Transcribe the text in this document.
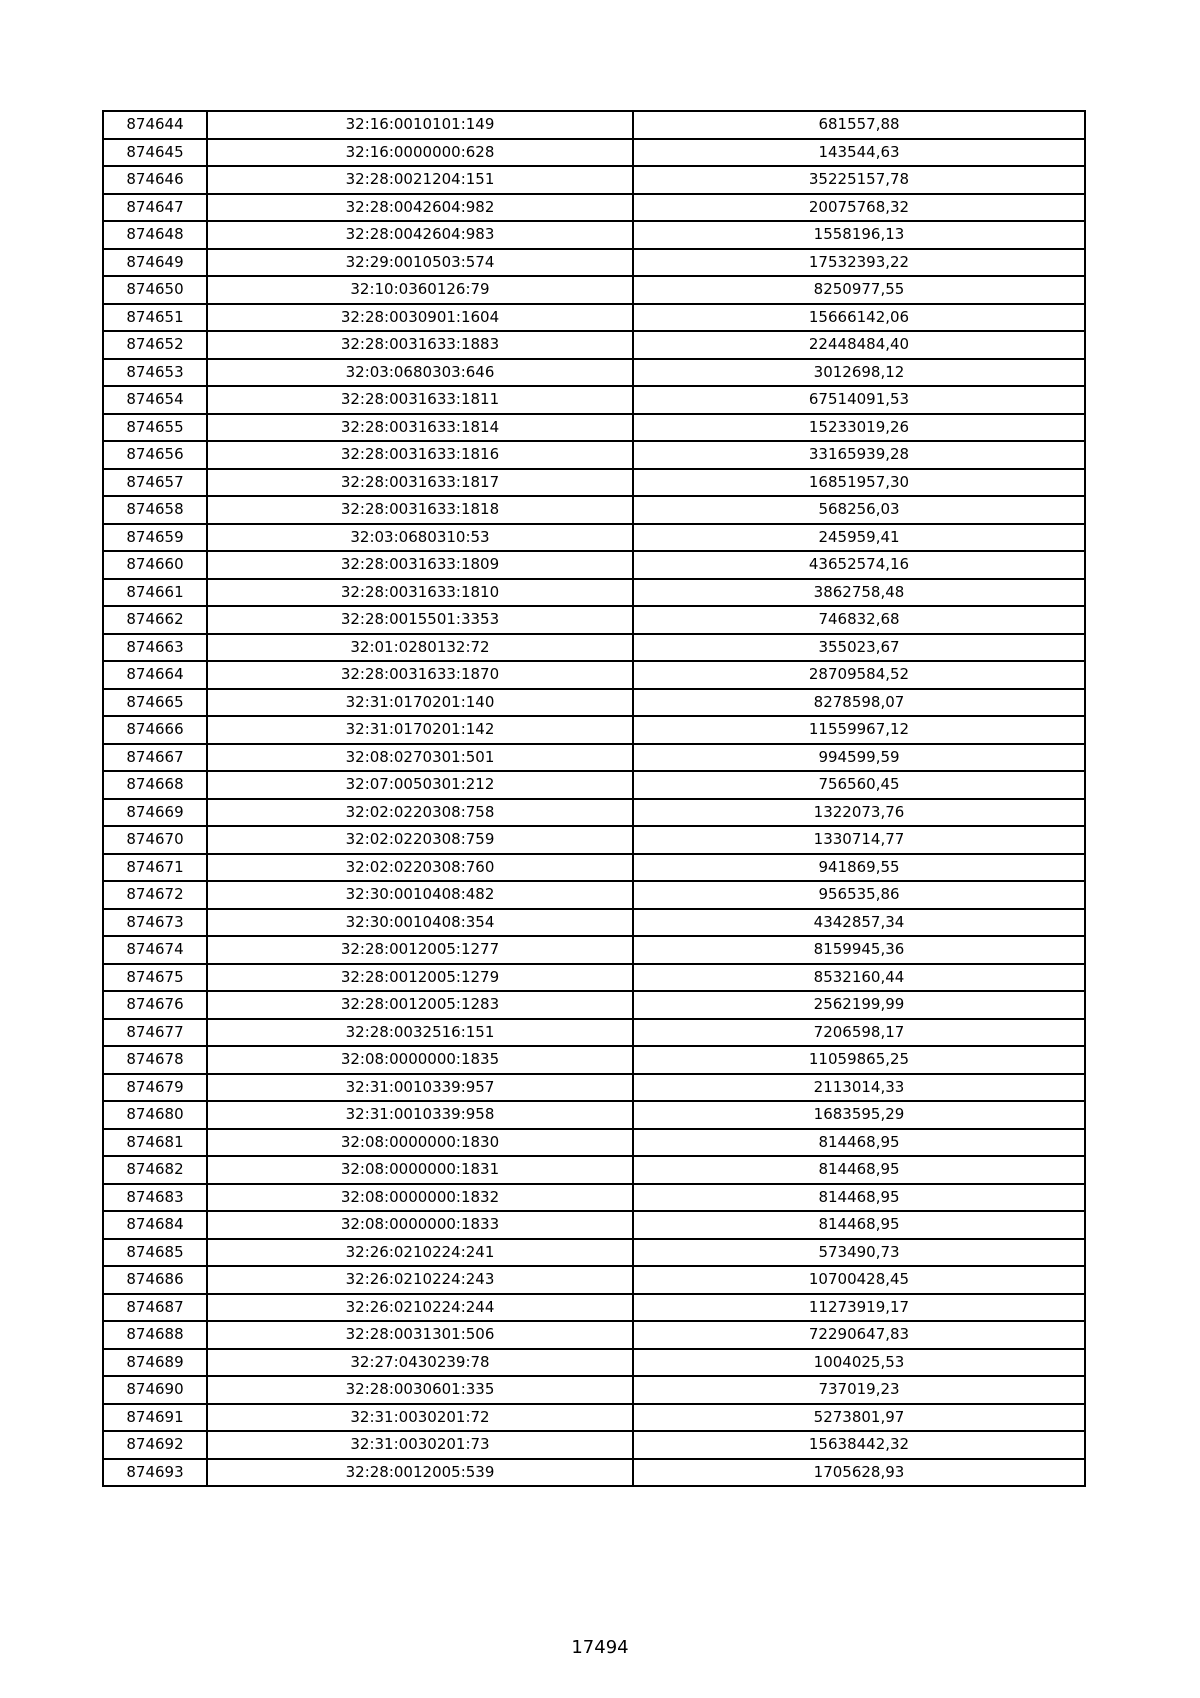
874644	32:16:0010101:149	681557,88
874645	32:16:0000000:628	143544,63
874646	32:28:0021204:151	35225157,78
874647	32:28:0042604:982	20075768,32
874648	32:28:0042604:983	1558196,13
874649	32:29:0010503:574	17532393,22
874650	32:10:0360126:79	8250977,55
874651	32:28:0030901:1604	15666142,06
874652	32:28:0031633:1883	22448484,40
874653	32:03:0680303:646	3012698,12
874654	32:28:0031633:1811	67514091,53
874655	32:28:0031633:1814	15233019,26
874656	32:28:0031633:1816	33165939,28
874657	32:28:0031633:1817	16851957,30
874658	32:28:0031633:1818	568256,03
874659	32:03:0680310:53	245959,41
874660	32:28:0031633:1809	43652574,16
874661	32:28:0031633:1810	3862758,48
874662	32:28:0015501:3353	746832,68
874663	32:01:0280132:72	355023,67
874664	32:28:0031633:1870	28709584,52
874665	32:31:0170201:140	8278598,07
874666	32:31:0170201:142	11559967,12
874667	32:08:0270301:501	994599,59
874668	32:07:0050301:212	756560,45
874669	32:02:0220308:758	1322073,76
874670	32:02:0220308:759	1330714,77
874671	32:02:0220308:760	941869,55
874672	32:30:0010408:482	956535,86
874673	32:30:0010408:354	4342857,34
874674	32:28:0012005:1277	8159945,36
874675	32:28:0012005:1279	8532160,44
874676	32:28:0012005:1283	2562199,99
874677	32:28:0032516:151	7206598,17
874678	32:08:0000000:1835	11059865,25
874679	32:31:0010339:957	2113014,33
874680	32:31:0010339:958	1683595,29
874681	32:08:0000000:1830	814468,95
874682	32:08:0000000:1831	814468,95
874683	32:08:0000000:1832	814468,95
874684	32:08:0000000:1833	814468,95
874685	32:26:0210224:241	573490,73
874686	32:26:0210224:243	10700428,45
874687	32:26:0210224:244	11273919,17
874688	32:28:0031301:506	72290647,83
874689	32:27:0430239:78	1004025,53
874690	32:28:0030601:335	737019,23
874691	32:31:0030201:72	5273801,97
874692	32:31:0030201:73	15638442,32
874693	32:28:0012005:539	1705628,93
17494
